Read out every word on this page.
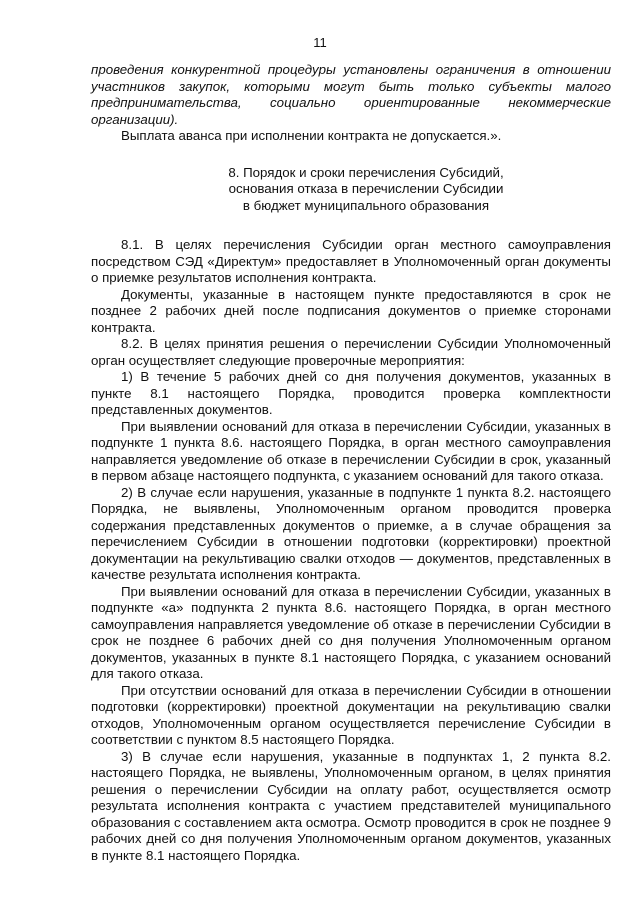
11

проведения конкурентной процедуры установлены ограничения в отношении участников закупок, которыми могут быть только субъекты малого предпринимательства, социально ориентированные некоммерческие организации).

Выплата аванса при исполнении контракта не допускается.».

8. Порядок и сроки перечисления Субсидий,
основания отказа в перечислении Субсидии
в бюджет муниципального образования

8.1. В целях перечисления Субсидии орган местного самоуправления посредством СЭД «Директум» предоставляет в Уполномоченный орган документы о приемке результатов исполнения контракта.

Документы, указанные в настоящем пункте предоставляются в срок не позднее 2 рабочих дней после подписания документов о приемке сторонами контракта.

8.2. В целях принятия решения о перечислении Субсидии Уполномоченный орган осуществляет следующие проверочные мероприятия:

1) В течение 5 рабочих дней со дня получения документов, указанных в пункте 8.1 настоящего Порядка, проводится проверка комплектности представленных документов.

При выявлении оснований для отказа в перечислении Субсидии, указанных в подпункте 1 пункта 8.6. настоящего Порядка, в орган местного самоуправления направляется уведомление об отказе в перечислении Субсидии в срок, указанный в первом абзаце настоящего подпункта, с указанием оснований для такого отказа.

2) В случае если нарушения, указанные в подпункте 1 пункта 8.2. настоящего Порядка, не выявлены, Уполномоченным органом проводится проверка содержания представленных документов о приемке, а в случае обращения за перечислением Субсидии в отношении подготовки (корректировки) проектной документации на рекультивацию свалки отходов — документов, представленных в качестве результата исполнения контракта.

При выявлении оснований для отказа в перечислении Субсидии, указанных в подпункте «а» подпункта 2 пункта 8.6. настоящего Порядка, в орган местного самоуправления направляется уведомление об отказе в перечислении Субсидии в срок не позднее 6 рабочих дней со дня получения Уполномоченным органом документов, указанных в пункте 8.1 настоящего Порядка, с указанием оснований для такого отказа.

При отсутствии оснований для отказа в перечислении Субсидии в отношении подготовки (корректировки) проектной документации на рекультивацию свалки отходов, Уполномоченным органом осуществляется перечисление Субсидии в соответствии с пунктом 8.5 настоящего Порядка.

3) В случае если нарушения, указанные в подпунктах 1, 2 пункта 8.2. настоящего Порядка, не выявлены, Уполномоченным органом, в целях принятия решения о перечислении Субсидии на оплату работ, осуществляется осмотр результата исполнения контракта с участием представителей муниципального образования с составлением акта осмотра. Осмотр проводится в срок не позднее 9 рабочих дней со дня получения Уполномоченным органом документов, указанных в пункте 8.1 настоящего Порядка.
